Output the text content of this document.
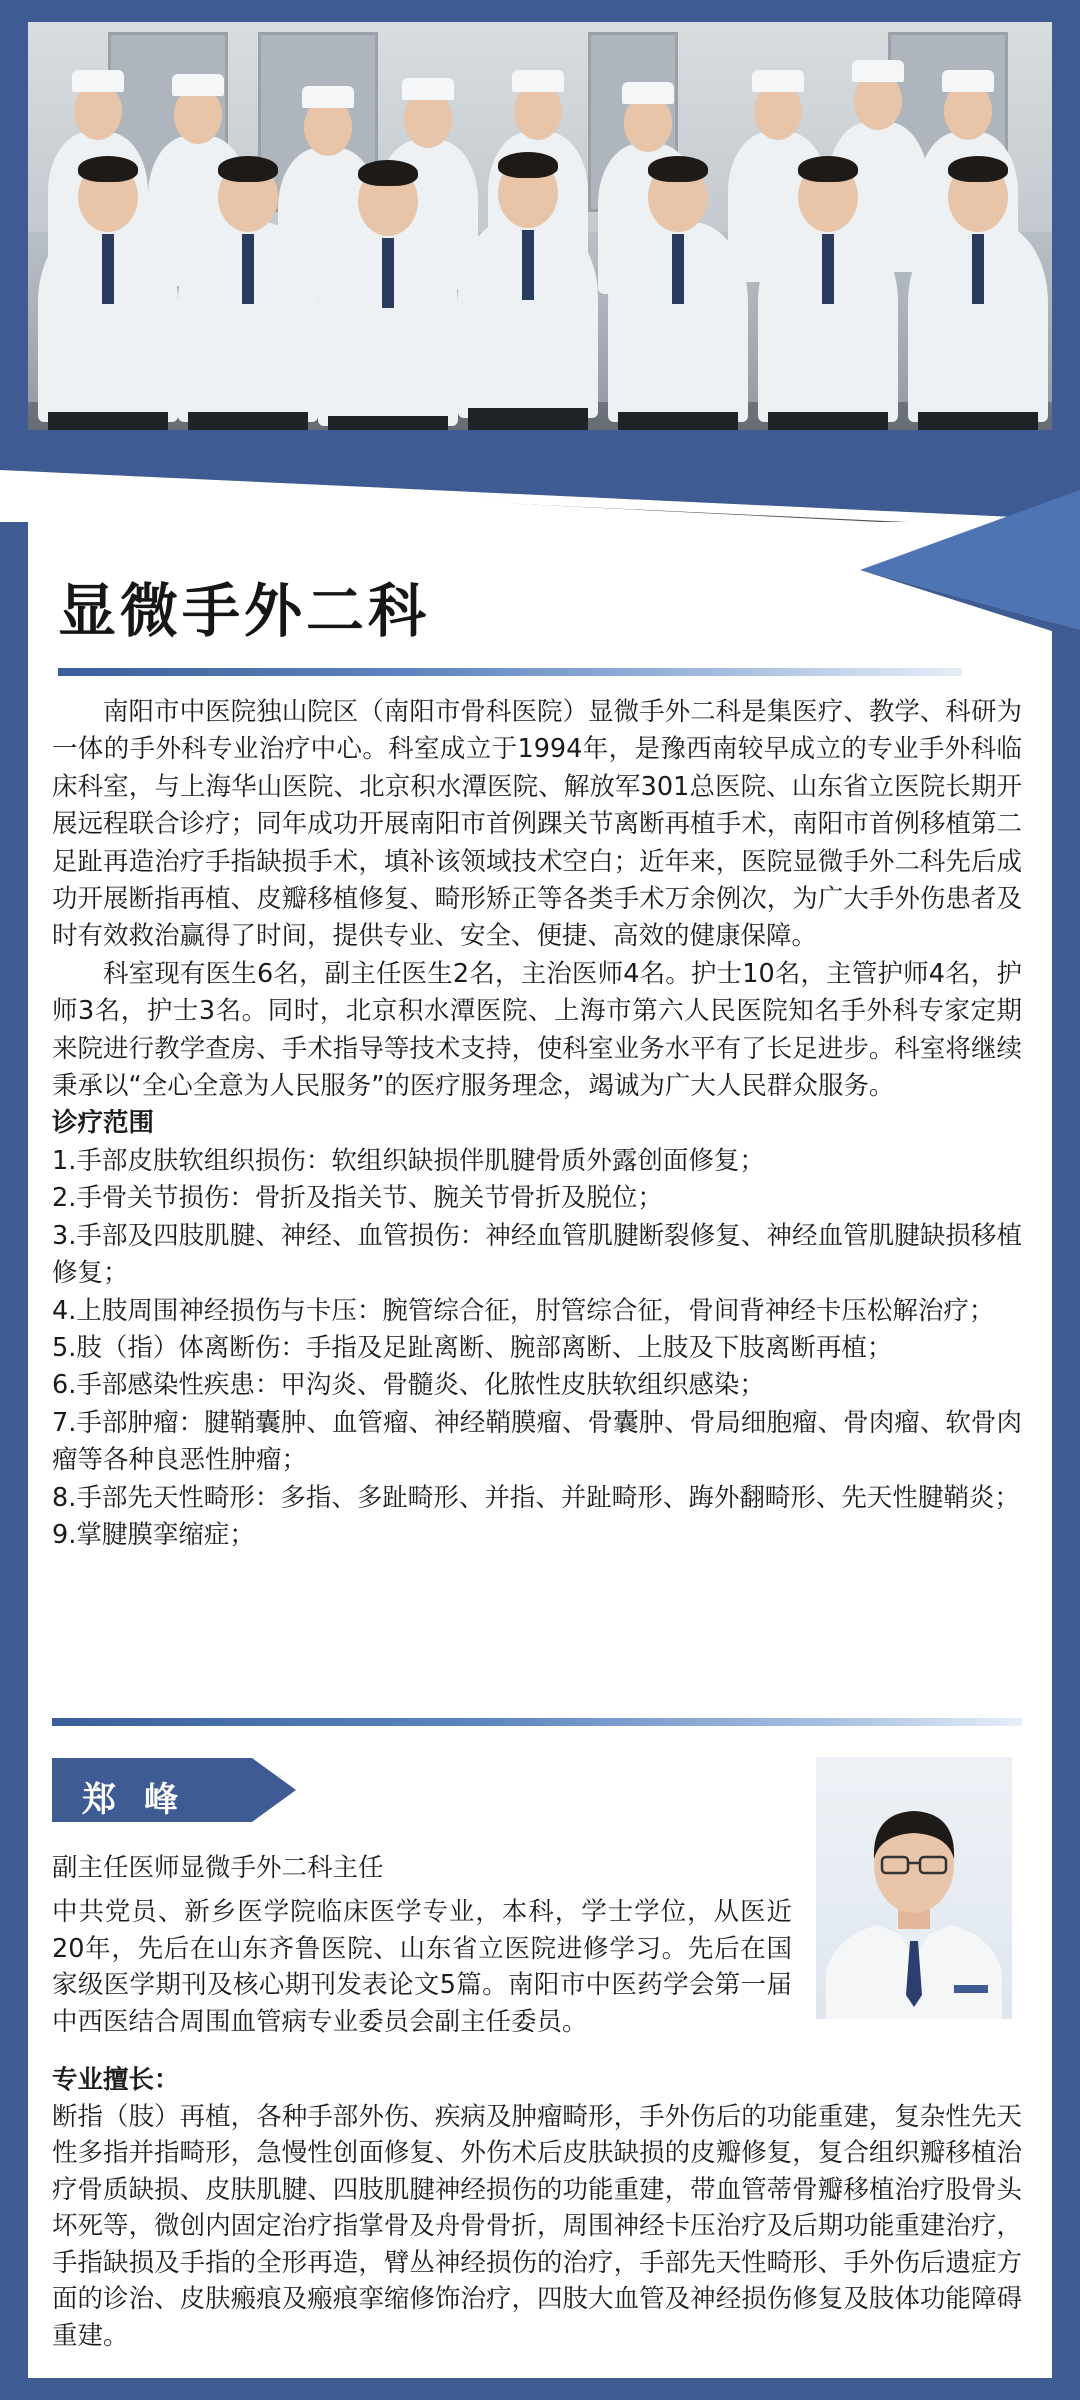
显微手外二科

南阳市中医院独山院区（南阳市骨科医院）显微手外二科是集医疗、教学、科研为一体的手外科专业治疗中心。科室成立于1994年，是豫西南较早成立的专业手外科临床科室，与上海华山医院、北京积水潭医院、解放军301总医院、山东省立医院长期开展远程联合诊疗；同年成功开展南阳市首例踝关节离断再植手术，南阳市首例移植第二足趾再造治疗手指缺损手术，填补该领域技术空白；近年来，医院显微手外二科先后成功开展断指再植、皮瓣移植修复、畸形矫正等各类手术万余例次，为广大手外伤患者及时有效救治赢得了时间，提供专业、安全、便捷、高效的健康保障。

科室现有医生6名，副主任医生2名，主治医师4名。护士10名，主管护师4名，护师3名，护士3名。同时，北京积水潭医院、上海市第六人民医院知名手外科专家定期来院进行教学查房、手术指导等技术支持，使科室业务水平有了长足进步。科室将继续秉承以“全心全意为人民服务”的医疗服务理念，竭诚为广大人民群众服务。

诊疗范围
1.手部皮肤软组织损伤：软组织缺损伴肌腱骨质外露创面修复；
2.手骨关节损伤：骨折及指关节、腕关节骨折及脱位；
3.手部及四肢肌腱、神经、血管损伤：神经血管肌腱断裂修复、神经血管肌腱缺损移植修复；
4.上肢周围神经损伤与卡压：腕管综合征，肘管综合征，骨间背神经卡压松解治疗；
5.肢（指）体离断伤：手指及足趾离断、腕部离断、上肢及下肢离断再植；
6.手部感染性疾患：甲沟炎、骨髓炎、化脓性皮肤软组织感染；
7.手部肿瘤：腱鞘囊肿、血管瘤、神经鞘膜瘤、骨囊肿、骨局细胞瘤、骨肉瘤、软骨肉瘤等各种良恶性肿瘤；
8.手部先天性畸形：多指、多趾畸形、并指、并趾畸形、踇外翻畸形、先天性腱鞘炎；
9.掌腱膜挛缩症；
郑峰
副主任医师显微手外二科主任
中共党员、新乡医学院临床医学专业，本科，学士学位，从医近20年，先后在山东齐鲁医院、山东省立医院进修学习。先后在国家级医学期刊及核心期刊发表论文5篇。南阳市中医药学会第一届中西医结合周围血管病专业委员会副主任委员。
专业擅长：
断指（肢）再植，各种手部外伤、疾病及肿瘤畸形，手外伤后的功能重建，复杂性先天性多指并指畸形，急慢性创面修复、外伤术后皮肤缺损的皮瓣修复，复合组织瓣移植治疗骨质缺损、皮肤肌腱、四肢肌腱神经损伤的功能重建，带血管蒂骨瓣移植治疗股骨头坏死等，微创内固定治疗指掌骨及舟骨骨折，周围神经卡压治疗及后期功能重建治疗，手指缺损及手指的全形再造，臂丛神经损伤的治疗，手部先天性畸形、手外伤后遗症方面的诊治、皮肤瘢痕及瘢痕挛缩修饰治疗，四肢大血管及神经损伤修复及肢体功能障碍重建。
